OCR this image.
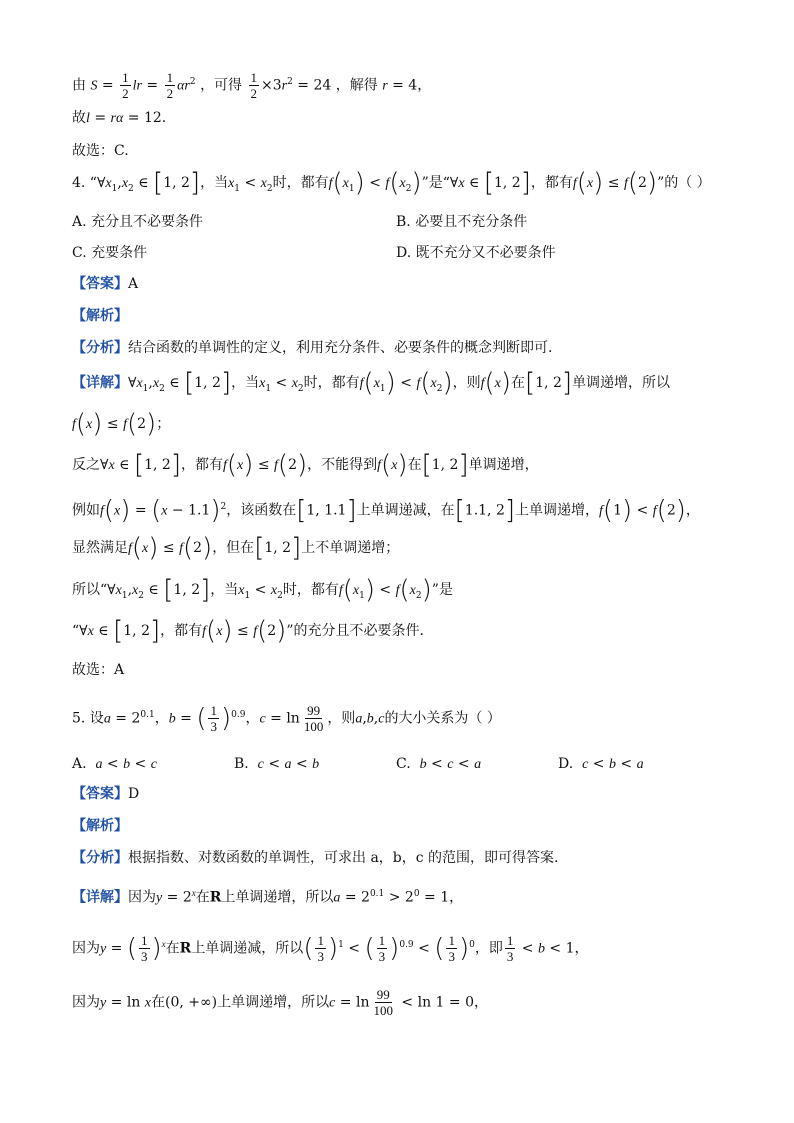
由 $S = \frac{1}{2}$ lr = $\frac{1}{2} \alpha r^2$ ，可得 $\frac{1}{2} \times 3r^2 = 24$ ，解得 r = 4，
故l = rα = 12.
故选：C.
4. “$\forall x_1,x_2$ ∈ [1, 2]，当$x_1 < x_2$时，都有$f(x_1) < f(x_2)$”是“∀x ∈ [1, 2]，都有f(x) ≤ f(2)”的（ ）
A. 充分且不必要条件	B. 必要且不充分条件
C. 充要条件	D. 既不充分又不必要条件
【答案】A
【解析】
【分析】结合函数的单调性的定义，利用充分条件、必要条件的概念判断即可.
【详解】$\forall x_1,x_2$ ∈ [1, 2]，当$x_1 < x_2$时，都有$f(x_1) < f(x_2)$，则f(x)在[1, 2]单调递增，所以
f(x) ≤ f(2)；
反之∀x ∈ [1, 2]，都有f(x) ≤ f(2)，不能得到f(x)在[1, 2]单调递增，
例如$f(x) = (x - 1.1)^2$，该函数在[1, 1.1]上单调递减，在[1.1, 2]上单调递增，f(1) < f(2)，
显然满足f(x) ≤ f(2)，但在[1, 2]上不单调递增；
所以“$\forall x_1,x_2$ ∈ [1, 2]，当$x_1 < x_2$时，都有$f(x_1) < f(x_2)$”是
“∀x ∈ [1, 2]，都有f(x) ≤ f(2)”的充分且不必要条件.
故选：A
5. 设$a = 2^{0.1}$，b = ( $\frac{1}{3} )^{0.9}$，$c = \ln \frac{99}{100}$ ，则a,b,c的大小关系为（ ）
A. a < b < c	B. c < a < b	C. b < c < a	D. c < b < a
【答案】D
【解析】
【分析】根据指数、对数函数的单调性，可求出 a，b，c 的范围，即可得答案.
【详解】因为$y = 2^x$在R上单调递增，所以$a = 2^{0.1} > 2^0 = 1$，
因为y = ( $\frac{1}{3} )^x$在R上单调递减，所以( $\frac{1}{3} )^1$ < ( $\frac{1}{3} )^{0.9}$ < ( $\frac{1}{3} )^0$，即 $\frac{1}{3} < b < 1$，
因为y = ln x在(0, +∞)上单调递增，所以$c = \ln \frac{99}{100} < \ln 1 = 0$，
